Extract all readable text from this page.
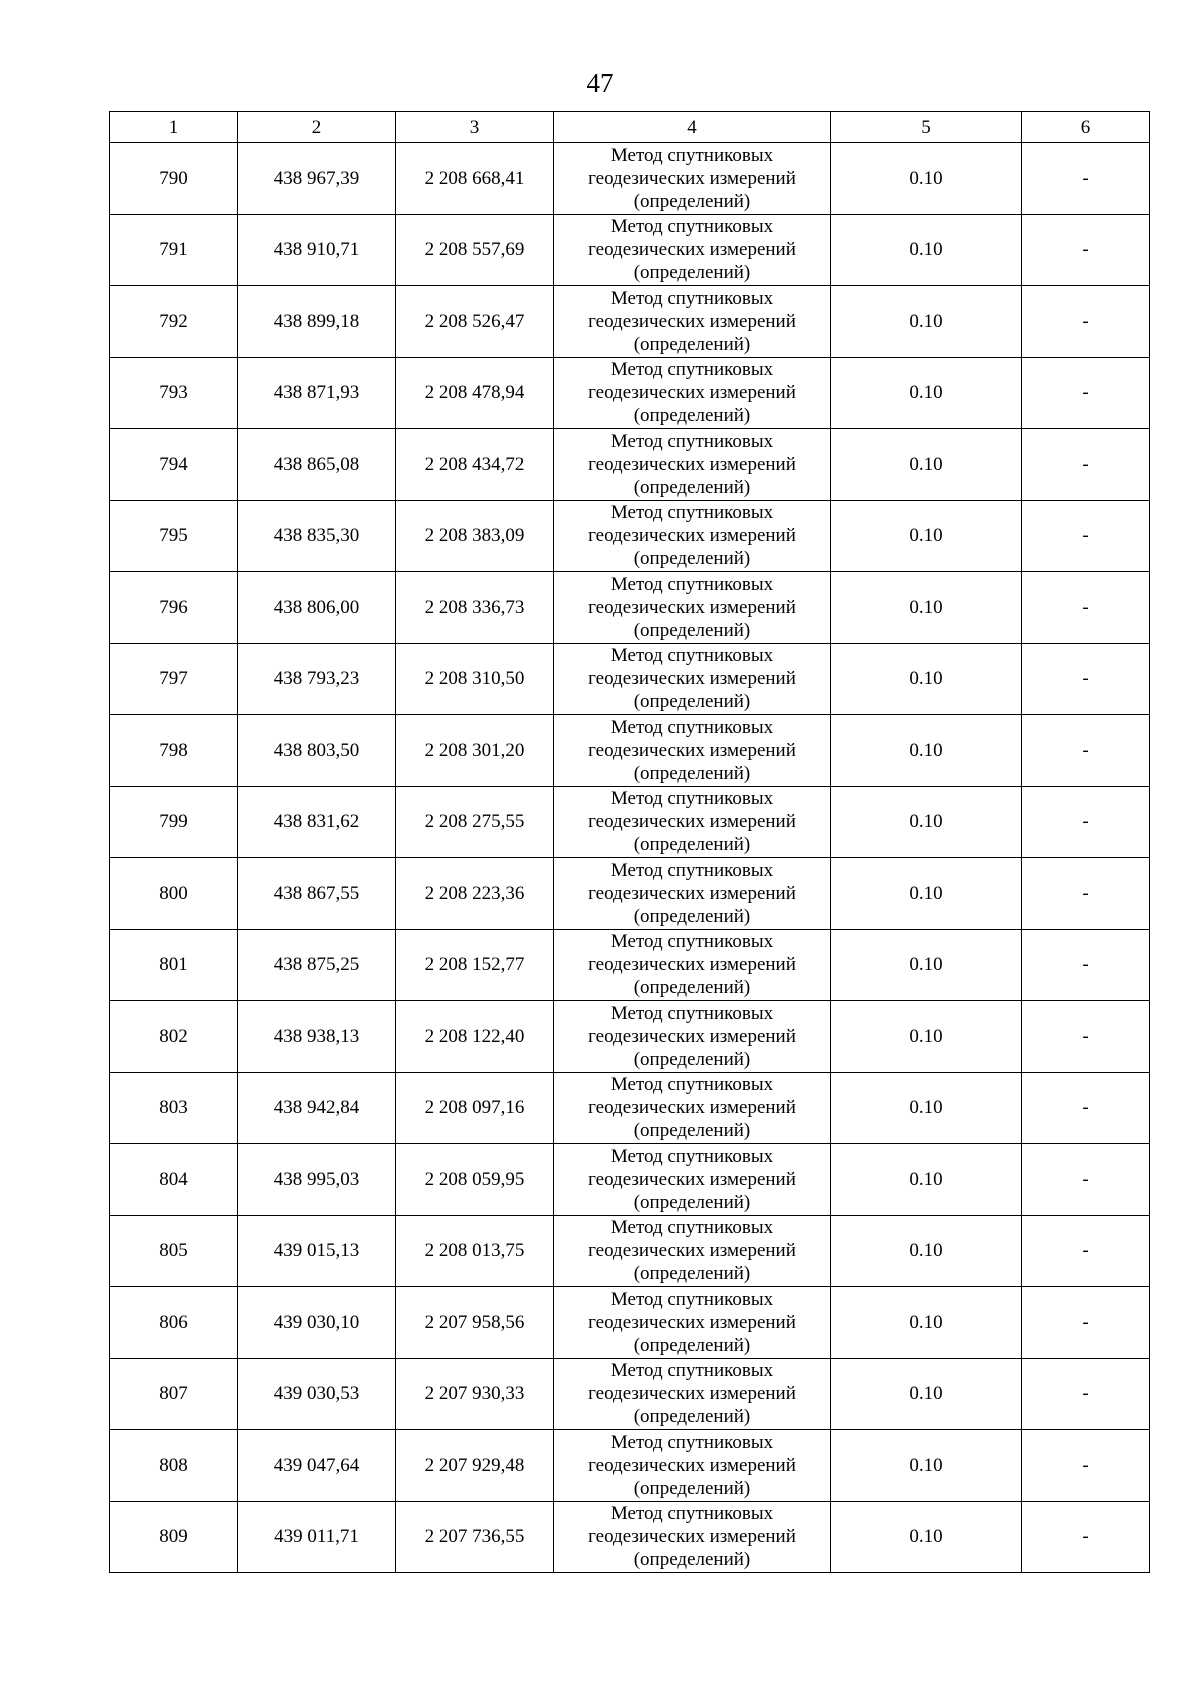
47
1	2	3	4	5	6
790	438 967,39	2 208 668,41	Метод спутниковых
геодезических измерений
(определений)	0.10	-
791	438 910,71	2 208 557,69	Метод спутниковых
геодезических измерений
(определений)	0.10	-
792	438 899,18	2 208 526,47	Метод спутниковых
геодезических измерений
(определений)	0.10	-
793	438 871,93	2 208 478,94	Метод спутниковых
геодезических измерений
(определений)	0.10	-
794	438 865,08	2 208 434,72	Метод спутниковых
геодезических измерений
(определений)	0.10	-
795	438 835,30	2 208 383,09	Метод спутниковых
геодезических измерений
(определений)	0.10	-
796	438 806,00	2 208 336,73	Метод спутниковых
геодезических измерений
(определений)	0.10	-
797	438 793,23	2 208 310,50	Метод спутниковых
геодезических измерений
(определений)	0.10	-
798	438 803,50	2 208 301,20	Метод спутниковых
геодезических измерений
(определений)	0.10	-
799	438 831,62	2 208 275,55	Метод спутниковых
геодезических измерений
(определений)	0.10	-
800	438 867,55	2 208 223,36	Метод спутниковых
геодезических измерений
(определений)	0.10	-
801	438 875,25	2 208 152,77	Метод спутниковых
геодезических измерений
(определений)	0.10	-
802	438 938,13	2 208 122,40	Метод спутниковых
геодезических измерений
(определений)	0.10	-
803	438 942,84	2 208 097,16	Метод спутниковых
геодезических измерений
(определений)	0.10	-
804	438 995,03	2 208 059,95	Метод спутниковых
геодезических измерений
(определений)	0.10	-
805	439 015,13	2 208 013,75	Метод спутниковых
геодезических измерений
(определений)	0.10	-
806	439 030,10	2 207 958,56	Метод спутниковых
геодезических измерений
(определений)	0.10	-
807	439 030,53	2 207 930,33	Метод спутниковых
геодезических измерений
(определений)	0.10	-
808	439 047,64	2 207 929,48	Метод спутниковых
геодезических измерений
(определений)	0.10	-
809	439 011,71	2 207 736,55	Метод спутниковых
геодезических измерений
(определений)	0.10	-
